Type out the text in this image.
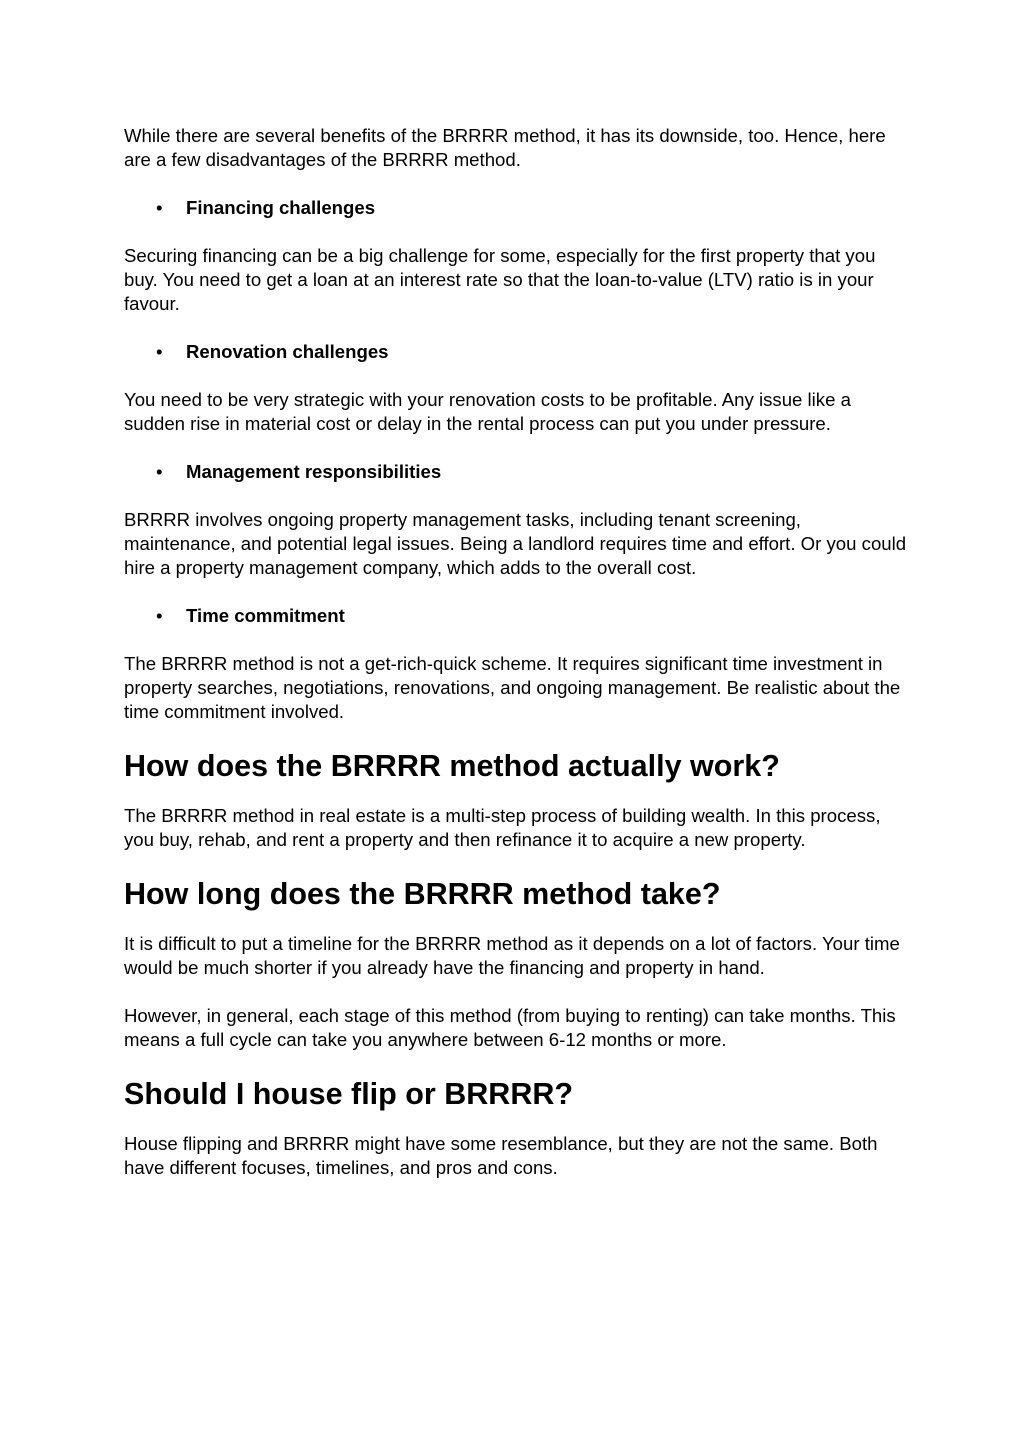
While there are several benefits of the BRRRR method, it has its downside, too. Hence, here are a few disadvantages of the BRRRR method.

• Financing challenges

Securing financing can be a big challenge for some, especially for the first property that you buy. You need to get a loan at an interest rate so that the loan-to-value (LTV) ratio is in your favour.

• Renovation challenges

You need to be very strategic with your renovation costs to be profitable. Any issue like a sudden rise in material cost or delay in the rental process can put you under pressure.

• Management responsibilities

BRRRR involves ongoing property management tasks, including tenant screening, maintenance, and potential legal issues. Being a landlord requires time and effort. Or you could hire a property management company, which adds to the overall cost.

• Time commitment

The BRRRR method is not a get-rich-quick scheme. It requires significant time investment in property searches, negotiations, renovations, and ongoing management. Be realistic about the time commitment involved.

How does the BRRRR method actually work?

The BRRRR method in real estate is a multi-step process of building wealth. In this process, you buy, rehab, and rent a property and then refinance it to acquire a new property.

How long does the BRRRR method take?

It is difficult to put a timeline for the BRRRR method as it depends on a lot of factors. Your time would be much shorter if you already have the financing and property in hand.

However, in general, each stage of this method (from buying to renting) can take months. This means a full cycle can take you anywhere between 6-12 months or more.

Should I house flip or BRRRR?

House flipping and BRRRR might have some resemblance, but they are not the same. Both have different focuses, timelines, and pros and cons.
